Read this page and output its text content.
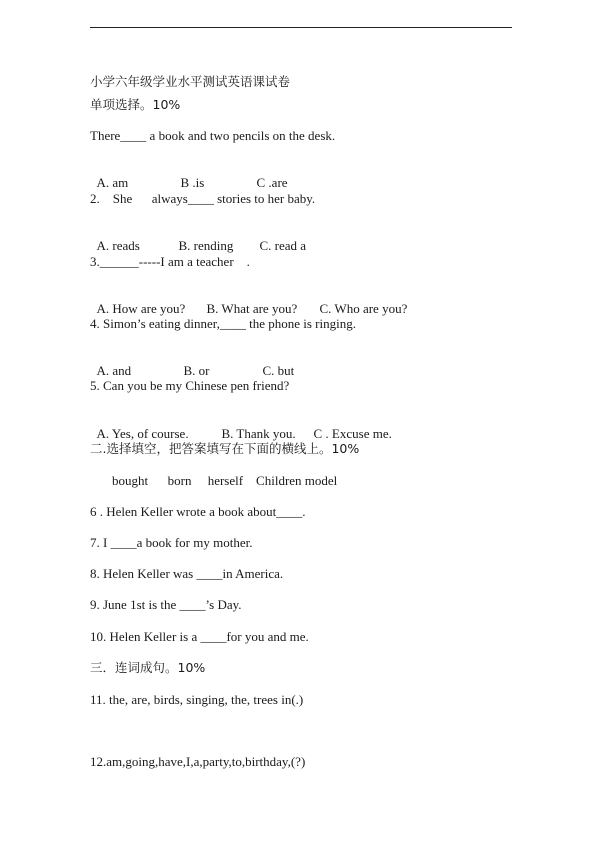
小学六年级学业水平测试英语课试卷
单项选择。10%
There____ a book and two pencils on the desk.

A. am	B .is	C .are

2.    She      always____ stories to her baby.

A. reads	B. rending C. read a

3.______-----I am a teacher    .

A. How are you? B. What are you? C. Who are you?

4. Simon’s eating dinner,____ the phone is ringing.

A. and	B. or	C. but

5. Can you be my Chinese pen friend?

A. Yes, of course.	B. Thank you. C . Excuse me.

二.选择填空，把答案填写在下面的横线上。10%
bought      born     herself    Children model
6 . Helen Keller wrote a book about____.
7. I ____a book for my mother.
8. Helen Keller was ____in America.
9. June 1st is the ____’s Day.
10. Helen Keller is a ____for you and me.
三．连词成句。10%
11. the, are, birds, singing, the, trees in(.)
12.am,going,have,I,a,party,to,birthday,(?)
